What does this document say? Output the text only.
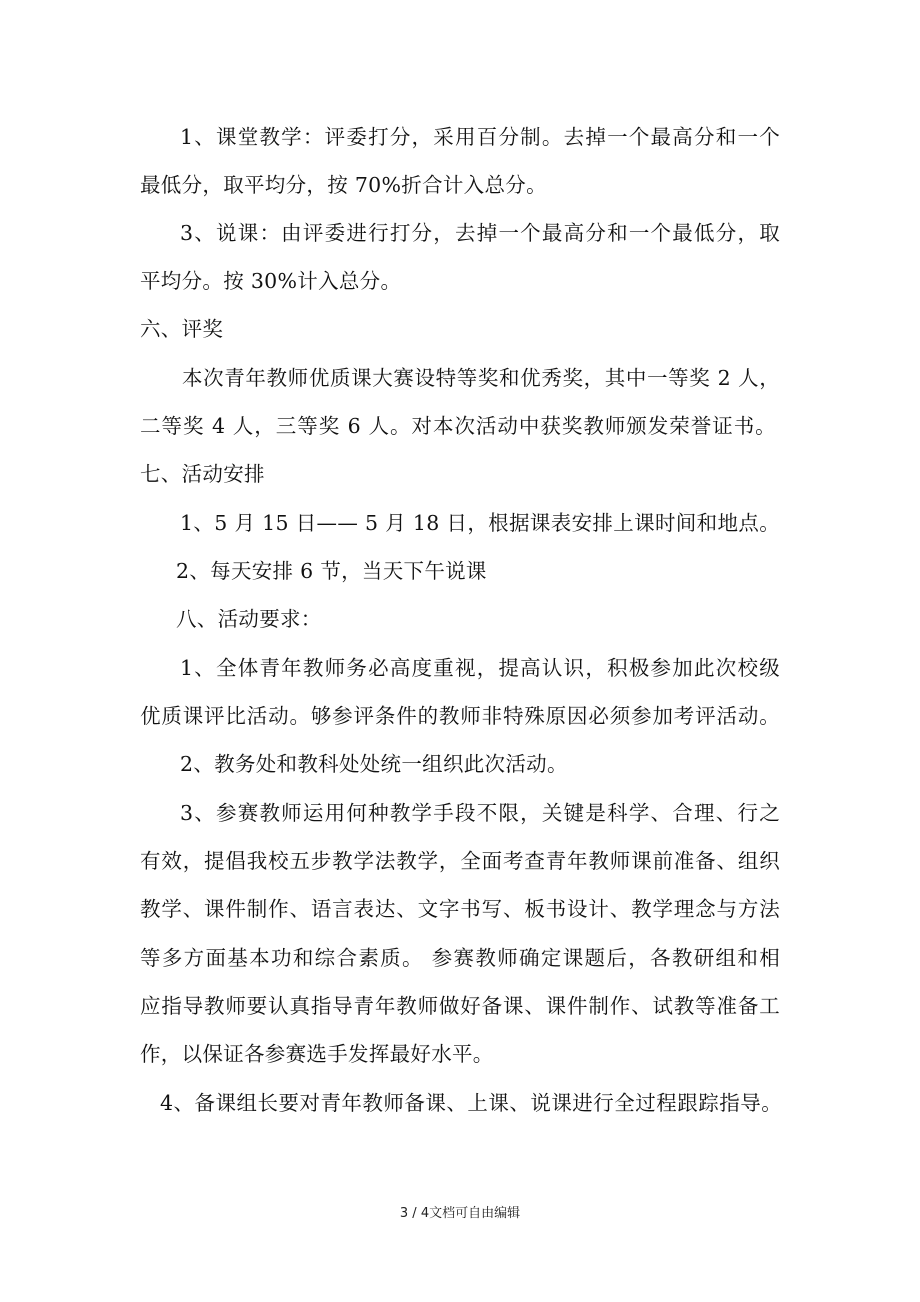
1、课堂教学：评委打分，采用百分制。去掉一个最高分和一个
最低分，取平均分，按 70%折合计入总分。
3、说课：由评委进行打分，去掉一个最高分和一个最低分，取
平均分。按 30%计入总分。
六、评奖
本次青年教师优质课大赛设特等奖和优秀奖，其中一等奖 2 人，
二等奖 4 人，三等奖 6 人。对本次活动中获奖教师颁发荣誉证书。
七、活动安排
1、5 月 15 日—— 5 月 18 日，根据课表安排上课时间和地点。
2、每天安排 6 节，当天下午说课
八、活动要求：
1、全体青年教师务必高度重视，提高认识，积极参加此次校级
优质课评比活动。够参评条件的教师非特殊原因必须参加考评活动。
2、教务处和教科处处统一组织此次活动。
3、参赛教师运用何种教学手段不限，关键是科学、合理、行之
有效，提倡我校五步教学法教学，全面考查青年教师课前准备、组织
教学、课件制作、语言表达、文字书写、板书设计、教学理念与方法
等多方面基本功和综合素质。 参赛教师确定课题后，各教研组和相
应指导教师要认真指导青年教师做好备课、课件制作、试教等准备工
作，以保证各参赛选手发挥最好水平。
4、备课组长要对青年教师备课、上课、说课进行全过程跟踪指导。
3 / 4文档可自由编辑
